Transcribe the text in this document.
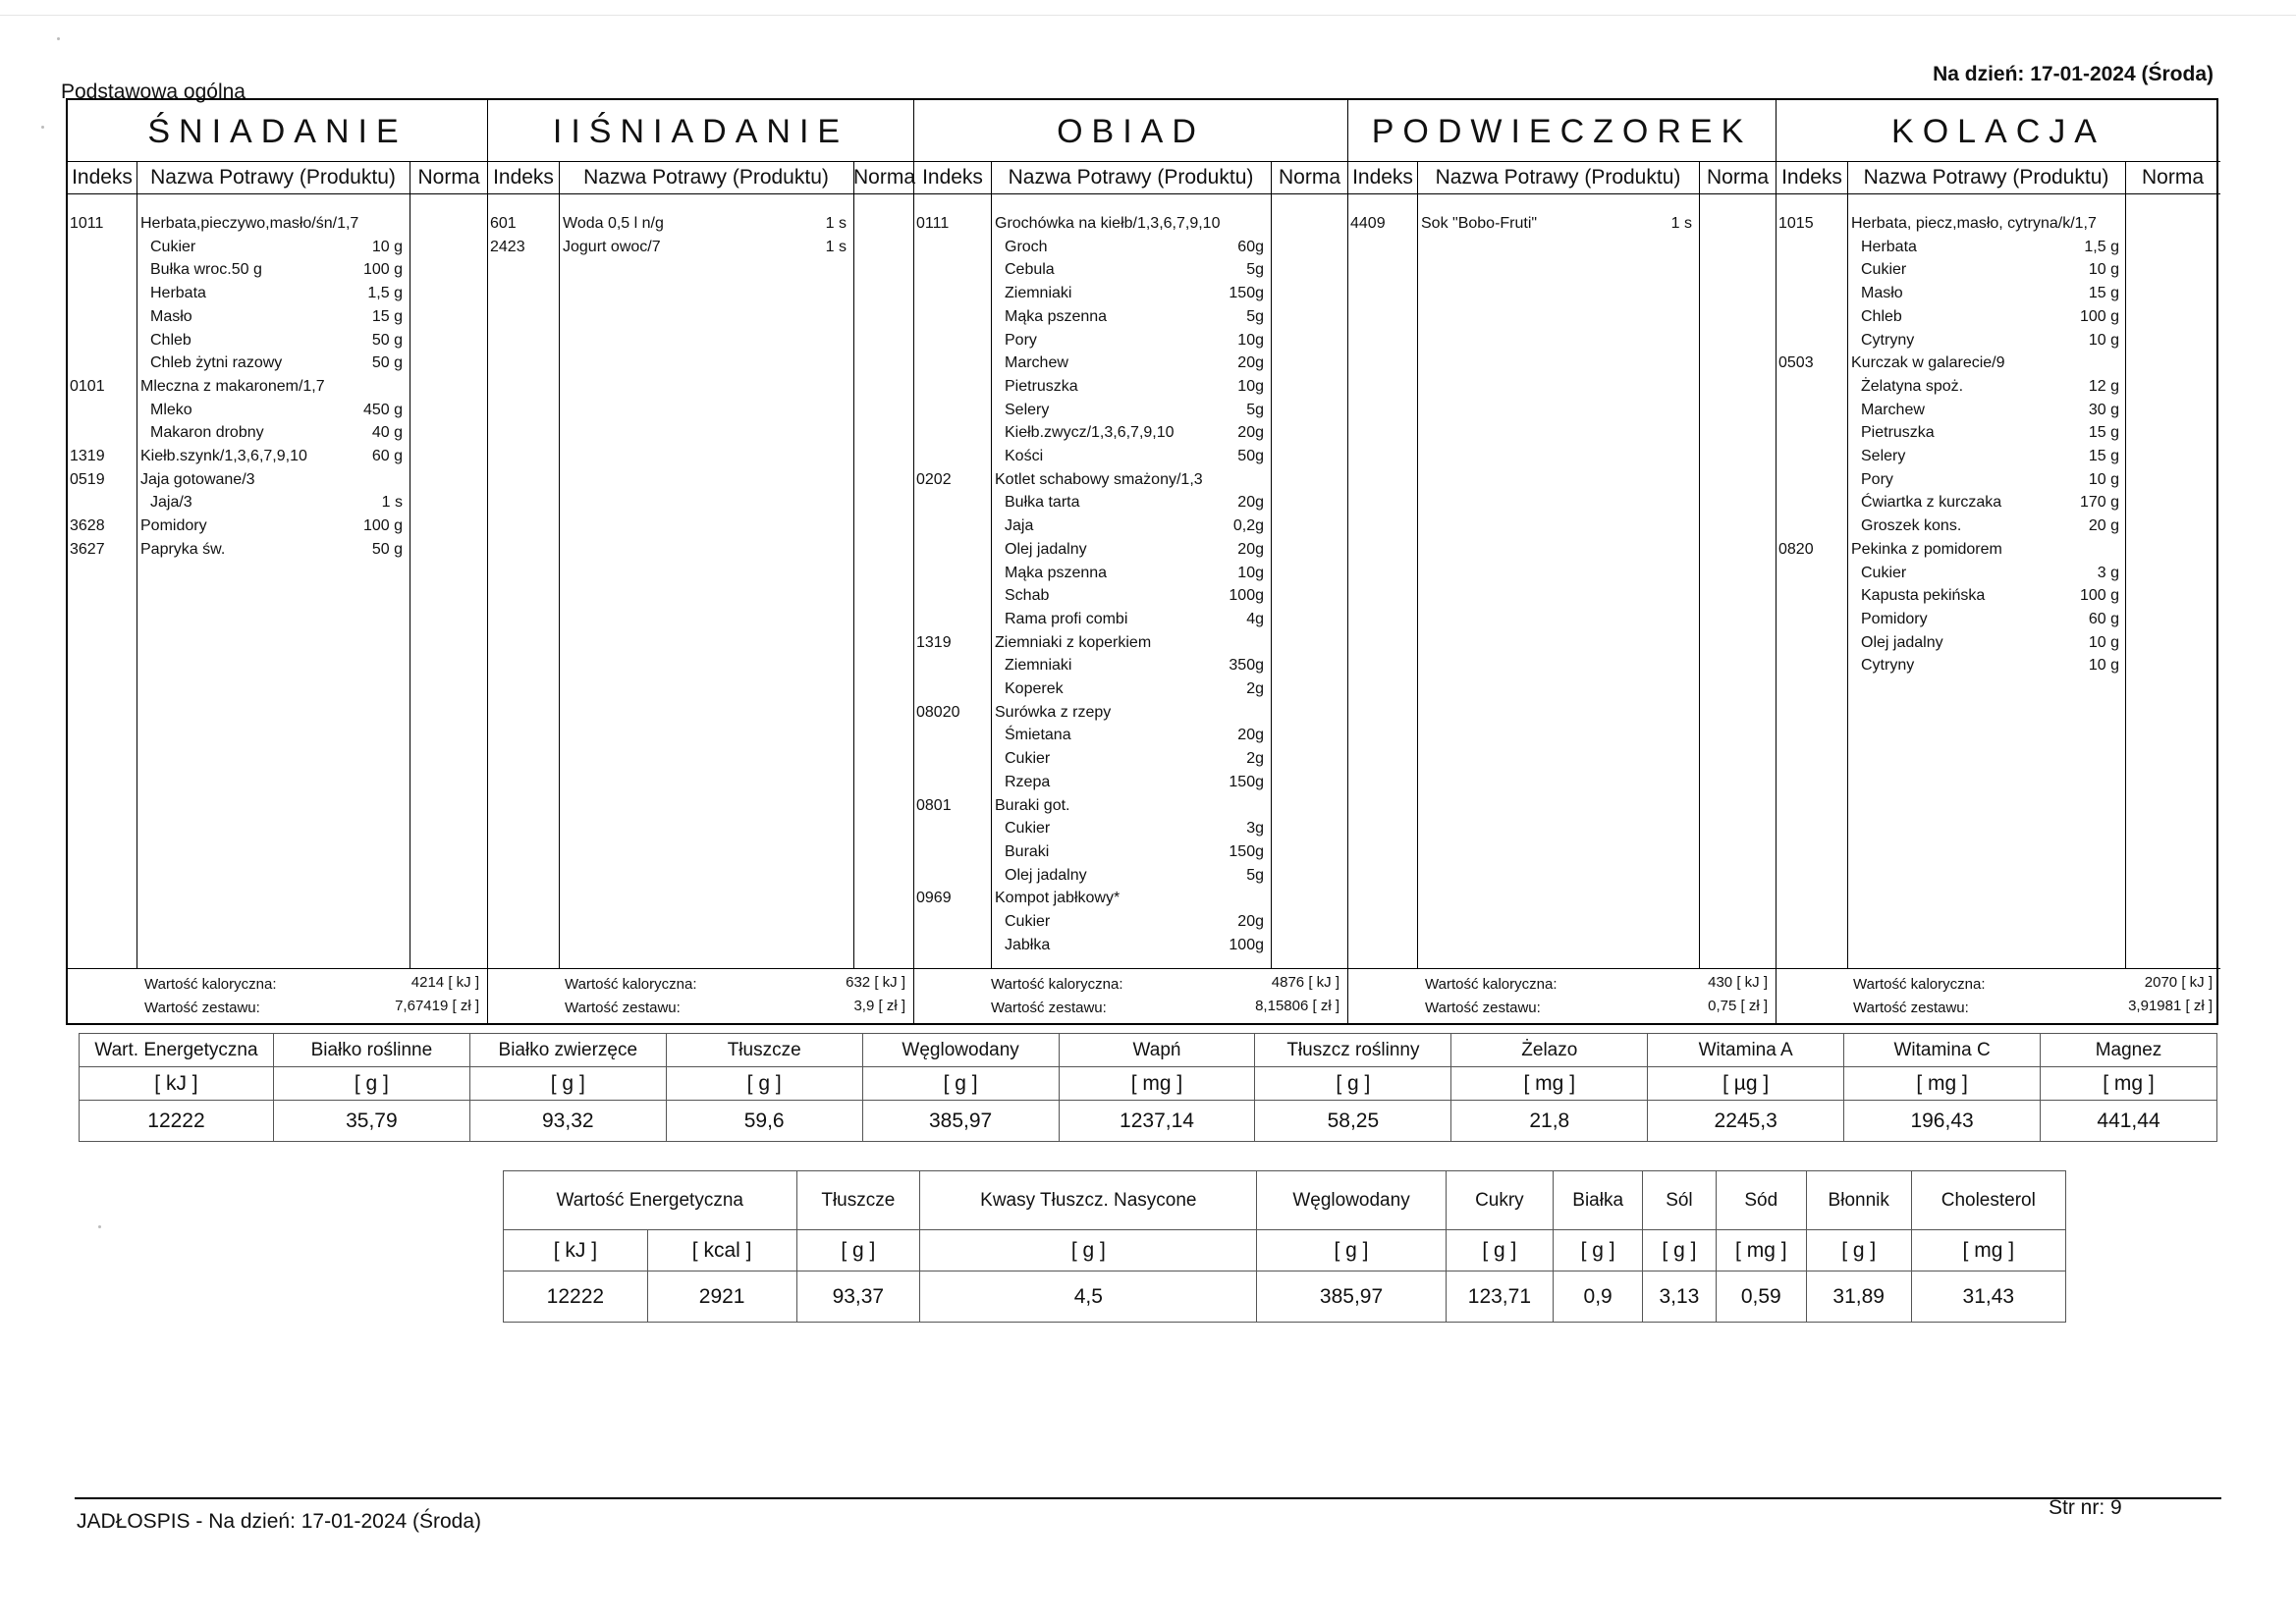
Podstawowa ogólna
Na dzień: 17-01-2024 (Środa)
ŚNIADANIE
Indeks Nazwa Potrawy (Produktu)	Norma
1011 Herbata,pieczywo,masło/śn/1,7
Cukier	10 g
Bułka wroc.50 g	100 g
Herbata	1,5 g
Masło	15 g
Chleb	50 g
Chleb żytni razowy	50 g
0101 Mleczna z makaronem/1,7
Mleko	450 g
Makaron drobny	40 g
1319 Kiełb.szynk/1,3,6,7,9,10	60 g
0519 Jaja gotowane/3
Jaja/3	1 s
3628 Pomidory	100 g
3627 Papryka św.	50 g
Wartość kaloryczna:	4214 [ kJ ]
Wartość zestawu:	7,67419 [ zł ]
IIŚNIADANIE
Indeks	Nazwa Potrawy (Produktu)	Norma
601	Woda 0,5 l n/g	1 s
2423 Jogurt owoc/7	1 s
Wartość kaloryczna:	632 [ kJ ]
Wartość zestawu:	3,9 [ zł ]
OBIAD
Indeks	Nazwa Potrawy (Produktu)	Norma
0111	Grochówka na kiełb/1,3,6,7,9,10
Groch	60g
Cebula	5g
Ziemniaki	150g
Mąka pszenna	5g
Pory	10g
Marchew	20g
Pietruszka	10g
Selery	5g
Kiełb.zwycz/1,3,6,7,9,10	20g
Kości	50g
0202	Kotlet schabowy smażony/1,3
Bułka tarta	20g
Jaja	0,2g
Olej jadalny	20g
Mąka pszenna	10g
Schab	100g
Rama profi combi	4g
1319	Ziemniaki z koperkiem
Ziemniaki	350g
Koperek	2g
08020 Surówka z rzepy
Śmietana	20g
Cukier	2g
Rzepa	150g
0801	Buraki got.
Cukier	3g
Buraki	150g
Olej jadalny	5g
0969	Kompot jabłkowy*
Cukier	20g
Jabłka	100g
Wartość kaloryczna:	4876 [ kJ ]
Wartość zestawu:	8,15806 [ zł ]
PODWIECZOREK
Indeks	Nazwa Potrawy (Produktu)	Norma
4409 Sok "Bobo-Fruti"	1 s
Wartość kaloryczna:	430 [ kJ ]
Wartość zestawu:	0,75 [ zł ]
KOLACJA
Indeks	Nazwa Potrawy (Produktu)	Norma
1015 Herbata, piecz,masło, cytryna/k/1,7
Herbata	1,5 g
Cukier	10 g
Masło	15 g
Chleb	100 g
Cytryny	10 g
0503 Kurczak w galarecie/9
Żelatyna spoż.	12 g
Marchew	30 g
Pietruszka	15 g
Selery	15 g
Pory	10 g
Ćwiartka z kurczaka	170 g
Groszek kons.	20 g
0820 Pekinka z pomidorem
Cukier	3 g
Kapusta pekińska	100 g
Pomidory	60 g
Olej jadalny	10 g
Cytryny	10 g
Wartość kaloryczna:	2070 [ kJ ]
Wartość zestawu:	3,91981 [ zł ]
Wart. Energetyczna	Białko roślinne	Białko zwierzęce	Tłuszcze	Węglowodany	Wapń	Tłuszcz roślinny	Żelazo	Witamina A	Witamina C	Magnez
[ kJ ]	[ g ]	[ g ]	[ g ]	[ g ]	[ mg ]	[ g ]	[ mg ]	[ µg ]	[ mg ]	[ mg ]
12222	35,79	93,32	59,6	385,97	1237,14	58,25	21,8	2245,3	196,43	441,44
Wartość Energetyczna		Tłuszcze	Kwasy Tłuszcz. Nasycone	Węglowodany	Cukry	Białka	Sól	Sód	Błonnik	Cholesterol
[ kJ ]	[ kcal ]	[ g ]	[ g ]	[ g ]	[ g ]	[ g ]	[ g ]	[ mg ]	[ g ]	[ mg ]
12222	2921	93,37	4,5	385,97	123,71	0,9	3,13	0,59	31,89	31,43
JADŁOSPIS - Na dzień: 17-01-2024 (Środa)
Str nr: 9
